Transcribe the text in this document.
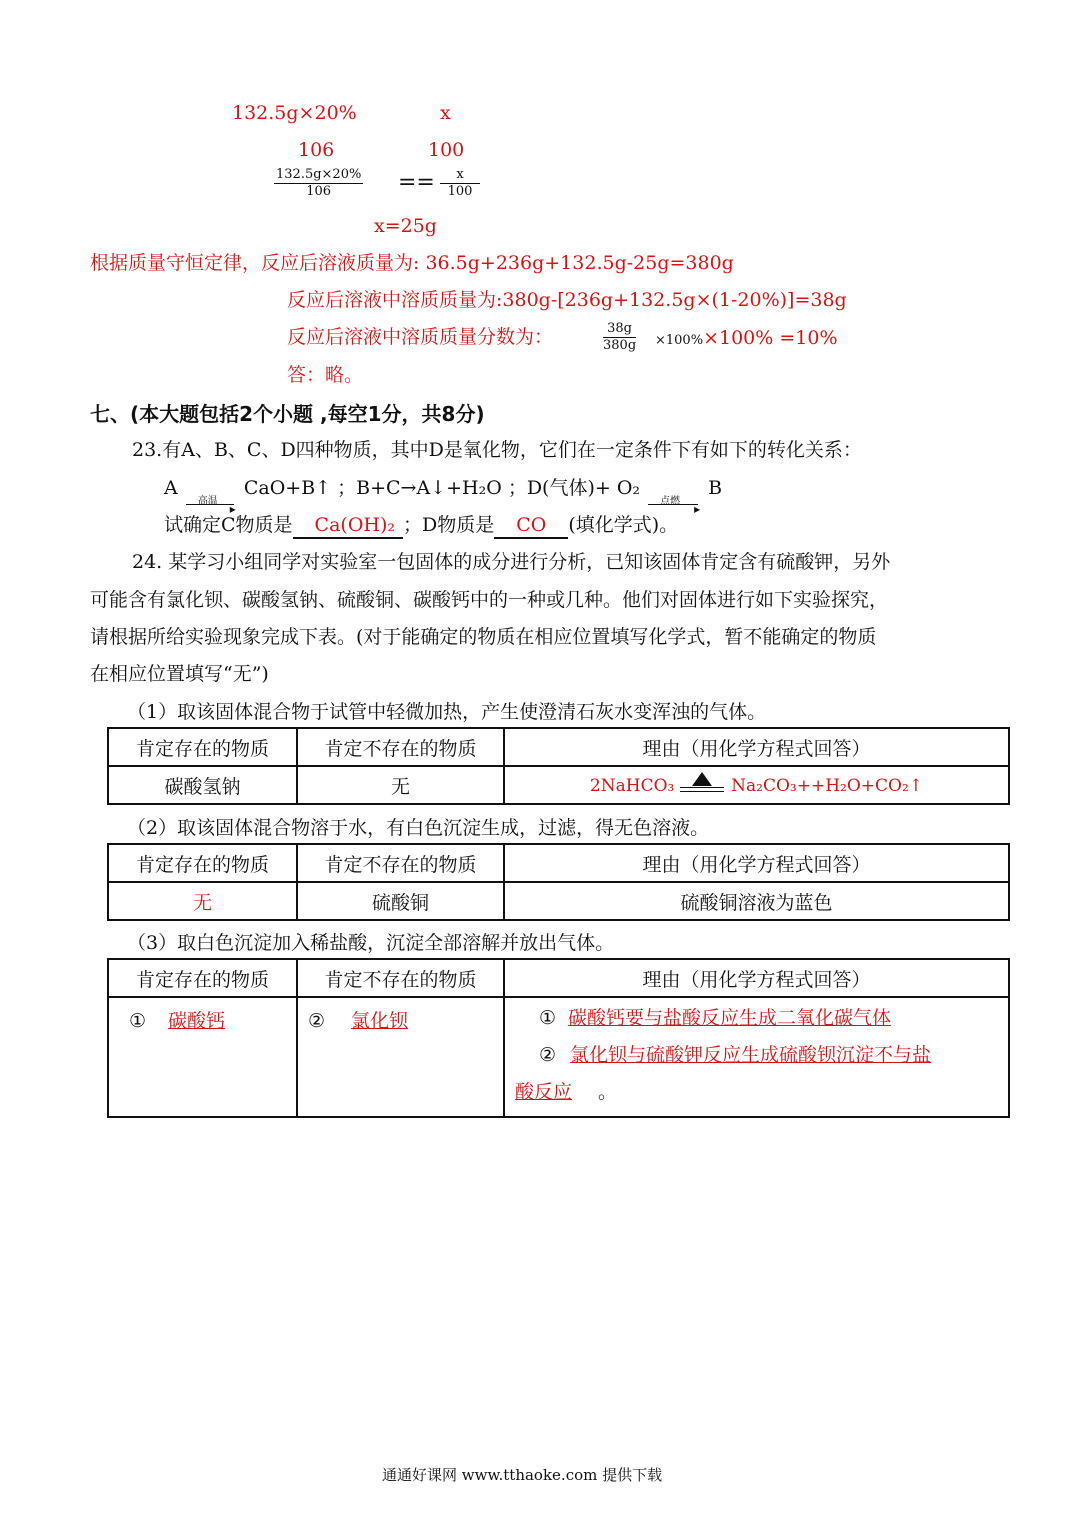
132.5g×20%	x
106	100
$\frac{132.5g\times 20\%}{106} == \frac{x}{100}$
x=25g
根据质量守恒定律，反应后溶液质量为: 36.5g+236g+132.5g-25g=380g
反应后溶液中溶质质量为:380g-[236g+132.5g×(1-20%)]=38g
反应后溶液中溶质质量分数为：	$\frac{38g}{380g} \times 100\%\times 100\% =10\%$
答：略。
七、(本大题包括2个小题 ,每空1分，共8分)
23.有A、B、C、D四种物质，其中D是氧化物，它们在一定条件下有如下的转化关系：
A
高温
▸
CaO+B↑ ；B+C→A↓+H₂O ；D(气体)+ O₂
点燃
▸
B
试确定C物质是 Ca(OH)₂ ；D物质是 CO (填化学式)。
24. 某学习小组同学对实验室一包固体的成分进行分析，已知该固体肯定含有硫酸钾，另外
可能含有氯化钡、碳酸氢钠、硫酸铜、碳酸钙中的一种或几种。他们对固体进行如下实验探究，
请根据所给实验现象完成下表。(对于能确定的物质在相应位置填写化学式，暂不能确定的物质
在相应位置填写“无”)
（1）取该固体混合物于试管中轻微加热，产生使澄清石灰水变浑浊的气体。
肯定存在的物质	肯定不存在的物质	理由（用化学方程式回答）
碳酸氢钠	无	2NaHCO₃ Na₂CO₃++H₂O+CO₂↑
（2）取该固体混合物溶于水，有白色沉淀生成，过滤，得无色溶液。
肯定存在的物质	肯定不存在的物质	理由（用化学方程式回答）
无	硫酸铜	硫酸铜溶液为蓝色
（3）取白色沉淀加入稀盐酸，沉淀全部溶解并放出气体。
肯定存在的物质	肯定不存在的物质	理由（用化学方程式回答）
① 碳酸钙	② 氯化钡	① 碳酸钙要与盐酸反应生成二氧化碳气体
② 氯化钡与硫酸钾反应生成硫酸钡沉淀不与盐
酸反应 。
通通好课网 www.tthaoke.com 提供下载
